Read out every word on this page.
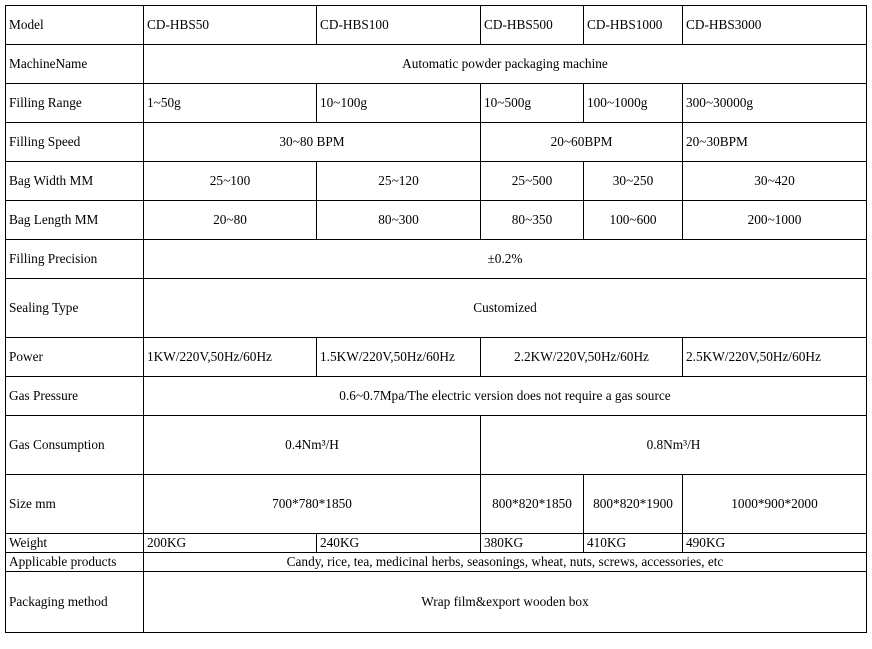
Model	CD-HBS50	CD-HBS100	CD-HBS500	CD-HBS1000	CD-HBS3000
MachineName	Automatic powder packaging machine				
Filling Range	1~50g	10~100g	10~500g	100~1000g	300~30000g
Filling Speed	30~80 BPM		20~60BPM		20~30BPM
Bag Width MM	25~100	25~120	25~500	30~250	30~420
Bag Length MM	20~80	80~300	80~350	100~600	200~1000
Filling Precision	±0.2%				
Sealing Type	Customized				
Power	1KW/220V,50Hz/60Hz	1.5KW/220V,50Hz/60Hz	2.2KW/220V,50Hz/60Hz		2.5KW/220V,50Hz/60Hz
Gas Pressure	0.6~0.7Mpa/The electric version does not require a gas source				
Gas Consumption	0.4Nm³/H		0.8Nm³/H		
Size mm	700*780*1850		800*820*1850	800*820*1900	1000*900*2000
Weight	200KG	240KG	380KG	410KG	490KG
Applicable products	Candy, rice, tea, medicinal herbs, seasonings, wheat, nuts, screws, accessories, etc				
Packaging method	Wrap film&export wooden box				
